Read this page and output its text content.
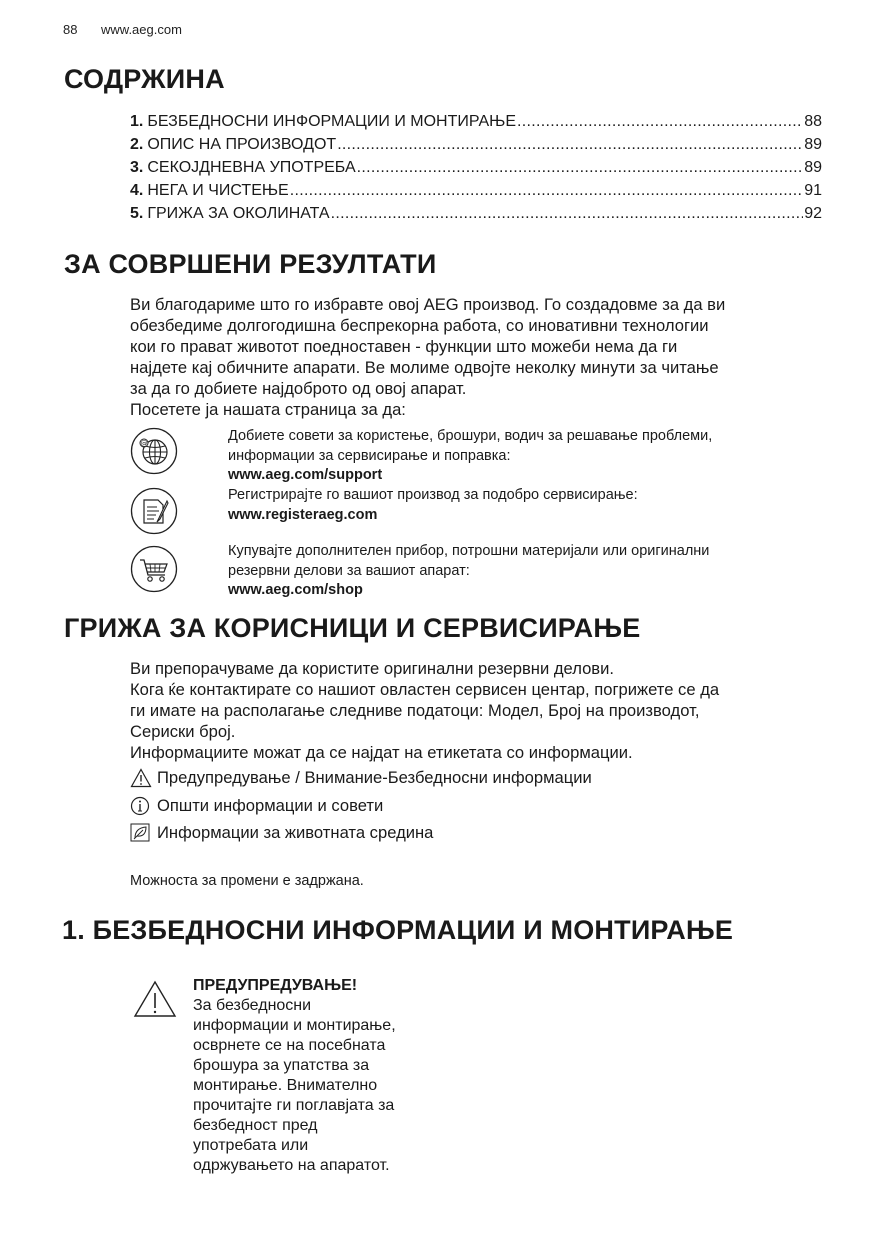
88 www.aeg.com
СОДРЖИНА
1. БЕЗБЕДНОСНИ ИНФОРМАЦИИ И МОНТИРАЊЕ .....	88
2. ОПИС НА ПРОИЗВОДОТ .....	89
3. СЕКОЈДНЕВНА УПОТРЕБА .....	89
4. НЕГА И ЧИСТЕЊЕ .....	91
5. ГРИЖА ЗА ОКОЛИНАТА .....	92
ЗА СОВРШЕНИ РЕЗУЛТАТИ

Ви благодариме што го избравте овој AEG производ. Го создадовме за да ви

обезбедиме долгогодишна беспрекорна работа, со иновативни технологии

кои го прават животот поедноставен - функции што можеби нема да ги

најдете кај обичните апарати. Ве молиме одвојте неколку минути за читање

за да го добиете најдоброто од овој апарат.

Посетете ја нашата страница за да:

@	Добиете совети за користење, брошури, водич за решавање проблеми,
информации за сервисирање и поправка:
www.aeg.com/support
Регистрирајте го вашиот производ за подобро сервисирање:
www.registeraeg.com
Купувајте дополнителен прибор, потрошни материјали или оригинални
резервни делови за вашиот апарат:
www.aeg.com/shop
ГРИЖА ЗА КОРИСНИЦИ И СЕРВИСИРАЊЕ

Ви препорачуваме да користите оригинални резервни делови.

Кога ќе контактирате со нашиот овластен сервисен центар, погрижете се да

ги имате на располагање следниве податоци: Модел, Број на производот,

Сериски број.

Информациите можат да се најдат на етикетата со информации.

Предупредување / Внимание-Безбедносни информации
Општи информации и совети
Информации за животната средина
Можноста за промени е задржана.
1. БЕЗБЕДНОСНИ ИНФОРМАЦИИ И МОНТИРАЊЕ
ПРЕДУПРЕДУВАЊЕ!
За безбедносни
информации и монтирање,
осврнете се на посебната
брошура за упатства за
монтирање. Внимателно
прочитајте ги поглавјата за
безбедност пред
употребата или
одржувањето на апаратот.
